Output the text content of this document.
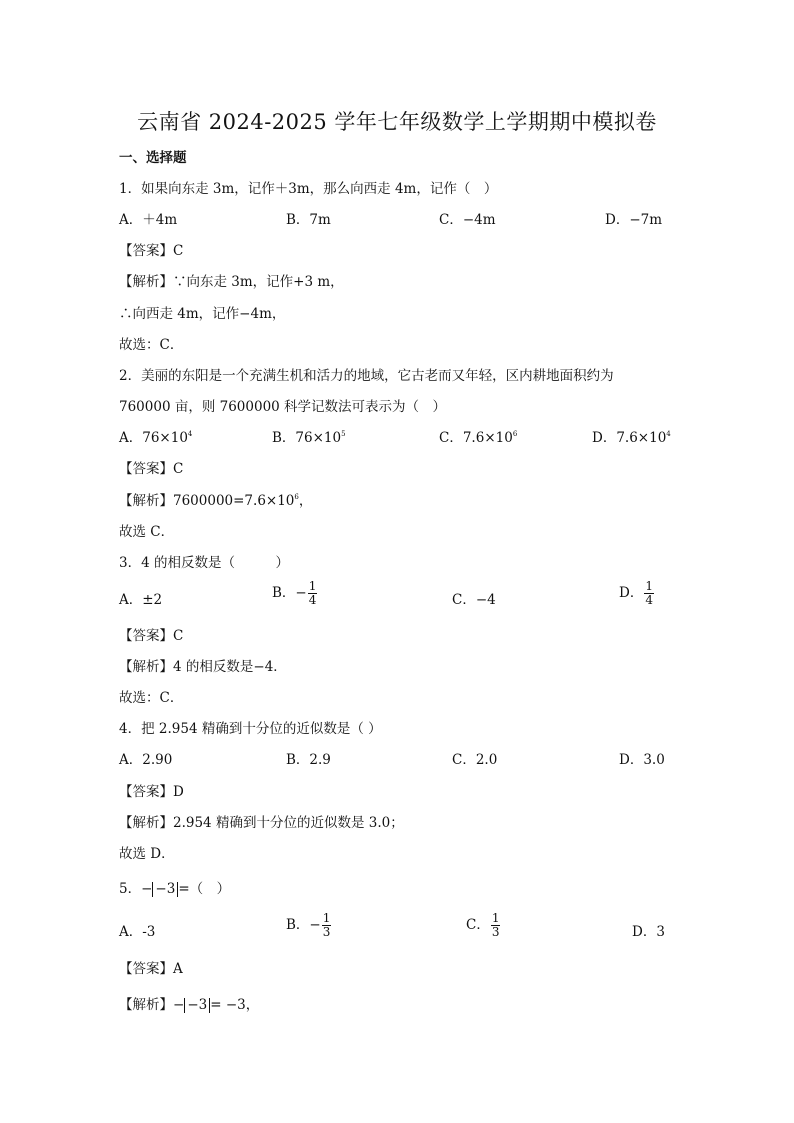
云南省 2024-2025 学年七年级数学上学期期中模拟卷
一、选择题
1．如果向东走 3m，记作＋3m，那么向西走 4m，记作（　）
A．＋4m	B．7m	C．−4m	D．−7m
【答案】C
【解析】∵向东走 3m，记作+3 m，
∴向西走 4m，记作−4m，
故选：C．
2．美丽的东阳是一个充满生机和活力的地域，它古老而又年轻，区内耕地面积约为
760000 亩，则 7600000 科学记数法可表示为（　）
A．$76\times 10^4$	B．$76\times 10^5$	C．$7.6\times 10^6$	D．$7.6\times 10^4$
【答案】C
【解析】$7600000=7.6\times 10^6$，
故选 C．
3．4 的相反数是（　　　）
A．±2	B．− $\frac{1}{4}$	C．−4	D． $\frac{1}{4}$
【答案】C
【解析】4 的相反数是−4．
故选：C．
4．把 2.954 精确到十分位的近似数是（ ）
A．2.90	B．2.9	C．2.0	D．3.0
【答案】D
【解析】2.954 精确到十分位的近似数是 3.0；
故选 D．
5．− −3 =（　）
A．-3	B．− $\frac{1}{3}$	C． $\frac{1}{3}$	D．3
【答案】A
【解析】− −3 = −3，
